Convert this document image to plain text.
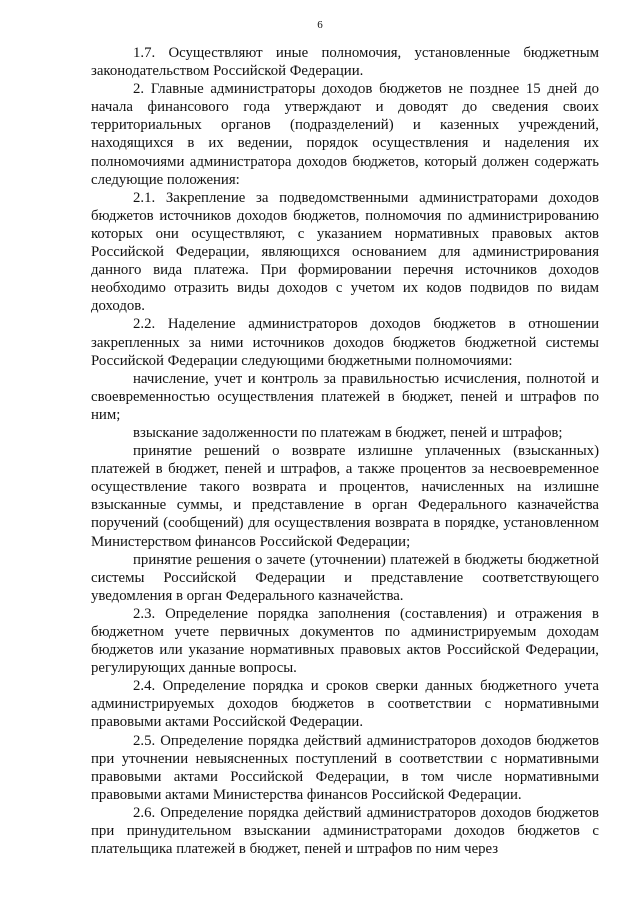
6

1.7. Осуществляют иные полномочия, установленные бюджетным законодательством Российской Федерации.

2. Главные администраторы доходов бюджетов не позднее 15 дней до начала финансового года утверждают и доводят до сведения своих территориальных органов (подразделений) и казенных учреждений, находящихся в их ведении, порядок осуществления и наделения их полномочиями администратора доходов бюджетов, который должен содержать следующие положения:

2.1. Закрепление за подведомственными администраторами доходов бюджетов источников доходов бюджетов, полномочия по администрированию которых они осуществляют, с указанием нормативных правовых актов Российской Федерации, являющихся основанием для администрирования данного вида платежа. При формировании перечня источников доходов необходимо отразить виды доходов с учетом их кодов подвидов по видам доходов.

2.2. Наделение администраторов доходов бюджетов в отношении закрепленных за ними источников доходов бюджетов бюджетной системы Российской Федерации следующими бюджетными полномочиями:

начисление, учет и контроль за правильностью исчисления, полнотой и своевременностью осуществления платежей в бюджет, пеней и штрафов по ним;

взыскание задолженности по платежам в бюджет, пеней и штрафов;

принятие решений о возврате излишне уплаченных (взысканных) платежей в бюджет, пеней и штрафов, а также процентов за несвоевременное осуществление такого возврата и процентов, начисленных на излишне взысканные суммы, и представление в орган Федерального казначейства поручений (сообщений) для осуществления возврата в порядке, установленном Министерством финансов Российской Федерации;

принятие решения о зачете (уточнении) платежей в бюджеты бюджетной системы Российской Федерации и представление соответствующего уведомления в орган Федерального казначейства.

2.3. Определение порядка заполнения (составления) и отражения в бюджетном учете первичных документов по администрируемым доходам бюджетов или указание нормативных правовых актов Российской Федерации, регулирующих данные вопросы.

2.4. Определение порядка и сроков сверки данных бюджетного учета администрируемых доходов бюджетов в соответствии с нормативными правовыми актами Российской Федерации.

2.5. Определение порядка действий администраторов доходов бюджетов при уточнении невыясненных поступлений в соответствии с нормативными правовыми актами Российской Федерации, в том числе нормативными правовыми актами Министерства финансов Российской Федерации.

2.6. Определение порядка действий администраторов доходов бюджетов при принудительном взыскании администраторами доходов бюджетов с плательщика платежей в бюджет, пеней и штрафов по ним через
